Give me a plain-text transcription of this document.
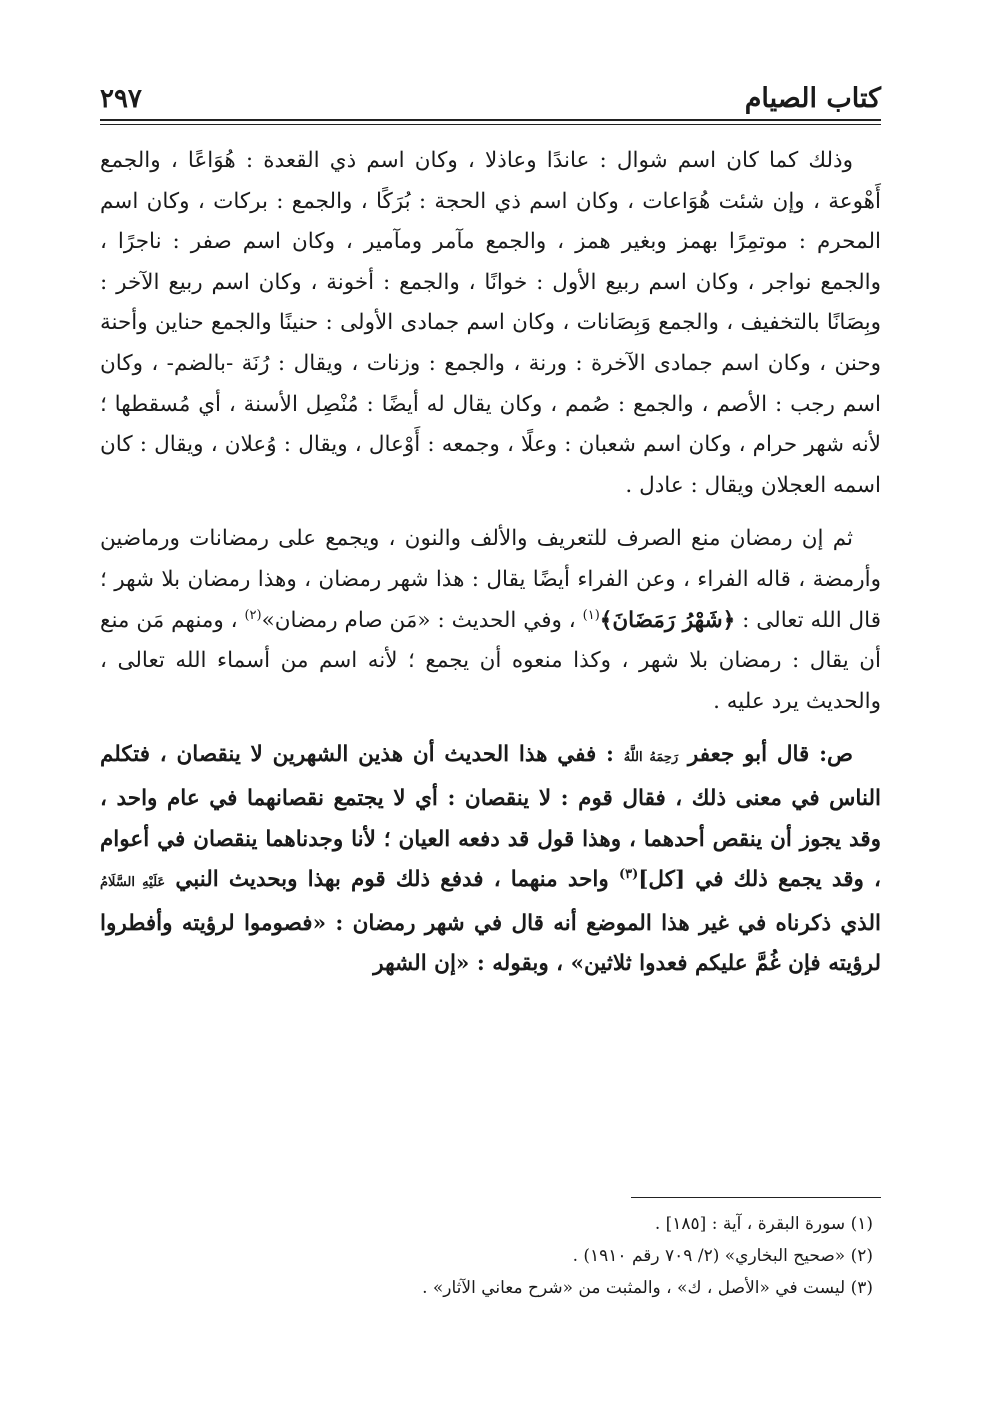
كتاب الصيام
٢٩٧

وذلك كما كان اسم شوال : عاندًا وعاذلا ، وكان اسم ذي القعدة : هُوَاعًا ، والجمع أَهْوعة ، وإن شئت هُوَاعات ، وكان اسم ذي الحجة : بُرَكًا ، والجمع : بركات ، وكان اسم المحرم : موتمِرًا بهمز وبغير همز ، والجمع مآمر ومآمير ، وكان اسم صفر : ناجرًا ، والجمع نواجر ، وكان اسم ربيع الأول : خوانًا ، والجمع : أخونة ، وكان اسم ربيع الآخر : وبِصَانًا بالتخفيف ، والجمع وَبِصَانات ، وكان اسم جمادى الأولى : حنينًا والجمع حناين وأحنة وحنن ، وكان اسم جمادى الآخرة : ورنة ، والجمع : وزنات ، ويقال : رُنَة -بالضم- ، وكان اسم رجب : الأصم ، والجمع : صُمم ، وكان يقال له أيضًا : مُنْصِل الأسنة ، أي مُسقطها ؛ لأنه شهر حرام ، وكان اسم شعبان : وعلًا ، وجمعه : أَوْعال ، ويقال : وُعلان ، ويقال : كان اسمه العجلان ويقال : عادل .

ثم إن رمضان منع الصرف للتعريف والألف والنون ، ويجمع على رمضانات ورماضين وأرمضة ، قاله الفراء ، وعن الفراء أيضًا يقال : هذا شهر رمضان ، وهذا رمضان بلا شهر ؛ قال الله تعالى : ﴿شَهْرُ رَمَضَانَ﴾$^{(١)}$ ، وفي الحديث : «مَن صام رمضان»$^{(٢)}$ ، ومنهم مَن منع أن يقال : رمضان بلا شهر ، وكذا منعوه أن يجمع ؛ لأنه اسم من أسماء الله تعالى ، والحديث يرد عليه .

ص: قال أبو جعفر رَحِمَهُ اللَّهُ : ففي هذا الحديث أن هذين الشهرين لا ينقصان ، فتكلم الناس في معنى ذلك ، فقال قوم : لا ينقصان : أي لا يجتمع نقصانهما في عام واحد ، وقد يجوز أن ينقص أحدهما ، وهذا قول قد دفعه العيان ؛ لأنا وجدناهما ينقصان في أعوام ، وقد يجمع ذلك في [كل]$^{(٣)}$ واحد منهما ، فدفع ذلك قوم بهذا وبحديث النبي عَلَيْهِ السَّلَامُ الذي ذكرناه في غير هذا الموضع أنه قال في شهر رمضان : «فصوموا لرؤيته وأفطروا لرؤيته فإن غُمَّ عليكم فعدوا ثلاثين» ، وبقوله : «إن الشهر

(١) سورة البقرة ، آية : [١٨٥] .

(٢) «صحيح البخاري» (٢/ ٧٠٩ رقم ١٩١٠) .

(٣) ليست في «الأصل ، ك» ، والمثبت من «شرح معاني الآثار» .
